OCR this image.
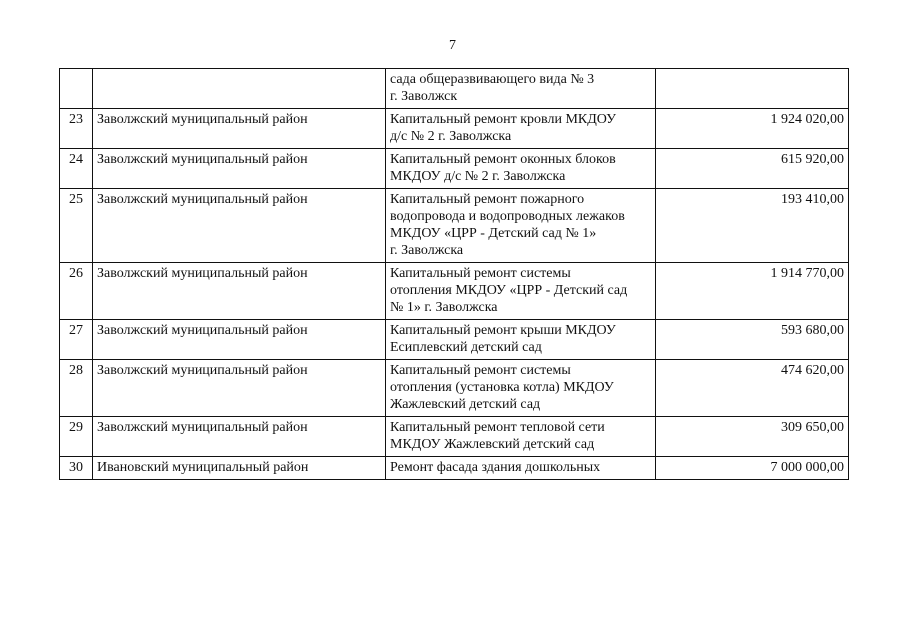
7

		сада общеразвивающего вида № 3
г. Заволжск	

23	Заволжский муниципальный район	Капитальный ремонт кровли МКДОУ
д/с № 2 г. Заволжска	1 924 020,00
24	Заволжский муниципальный район	Капитальный ремонт оконных блоков
МКДОУ д/с № 2 г. Заволжска	615 920,00
25	Заволжский муниципальный район	Капитальный ремонт пожарного
водопровода и водопроводных лежаков
МКДОУ «ЦРР - Детский сад № 1»
г. Заволжска	193 410,00
26	Заволжский муниципальный район	Капитальный ремонт системы
отопления МКДОУ «ЦРР - Детский сад
№ 1» г. Заволжска	1 914 770,00
27	Заволжский муниципальный район	Капитальный ремонт крыши МКДОУ
Есиплевский детский сад	593 680,00
28	Заволжский муниципальный район	Капитальный ремонт системы
отопления (установка котла) МКДОУ
Жажлевский детский сад	474 620,00
29	Заволжский муниципальный район	Капитальный ремонт тепловой сети
МКДОУ Жажлевский детский сад	309 650,00
30	Ивановский муниципальный район	Ремонт фасада здания дошкольных	7 000 000,00
